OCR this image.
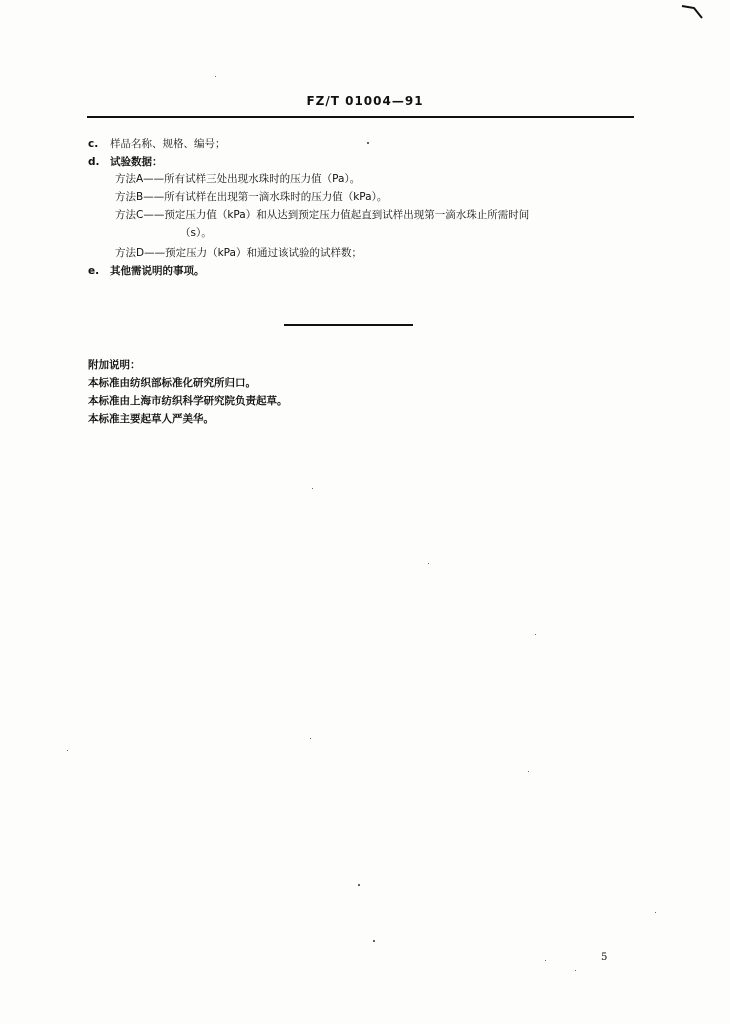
FZ/T 01004—91
c. 样品名称、规格、编号；
d. 试验数据：
方法A——所有试样三处出现水珠时的压力值（Pa）。
方法B——所有试样在出现第一滴水珠时的压力值（kPa）。
方法C——预定压力值（kPa）和从达到预定压力值起直到试样出现第一滴水珠止所需时间
（s）。
方法D——预定压力（kPa）和通过该试验的试样数；
e. 其他需说明的事项。
附加说明：
本标准由纺织部标准化研究所归口。
本标准由上海市纺织科学研究院负责起草。
本标准主要起草人严美华。
5
